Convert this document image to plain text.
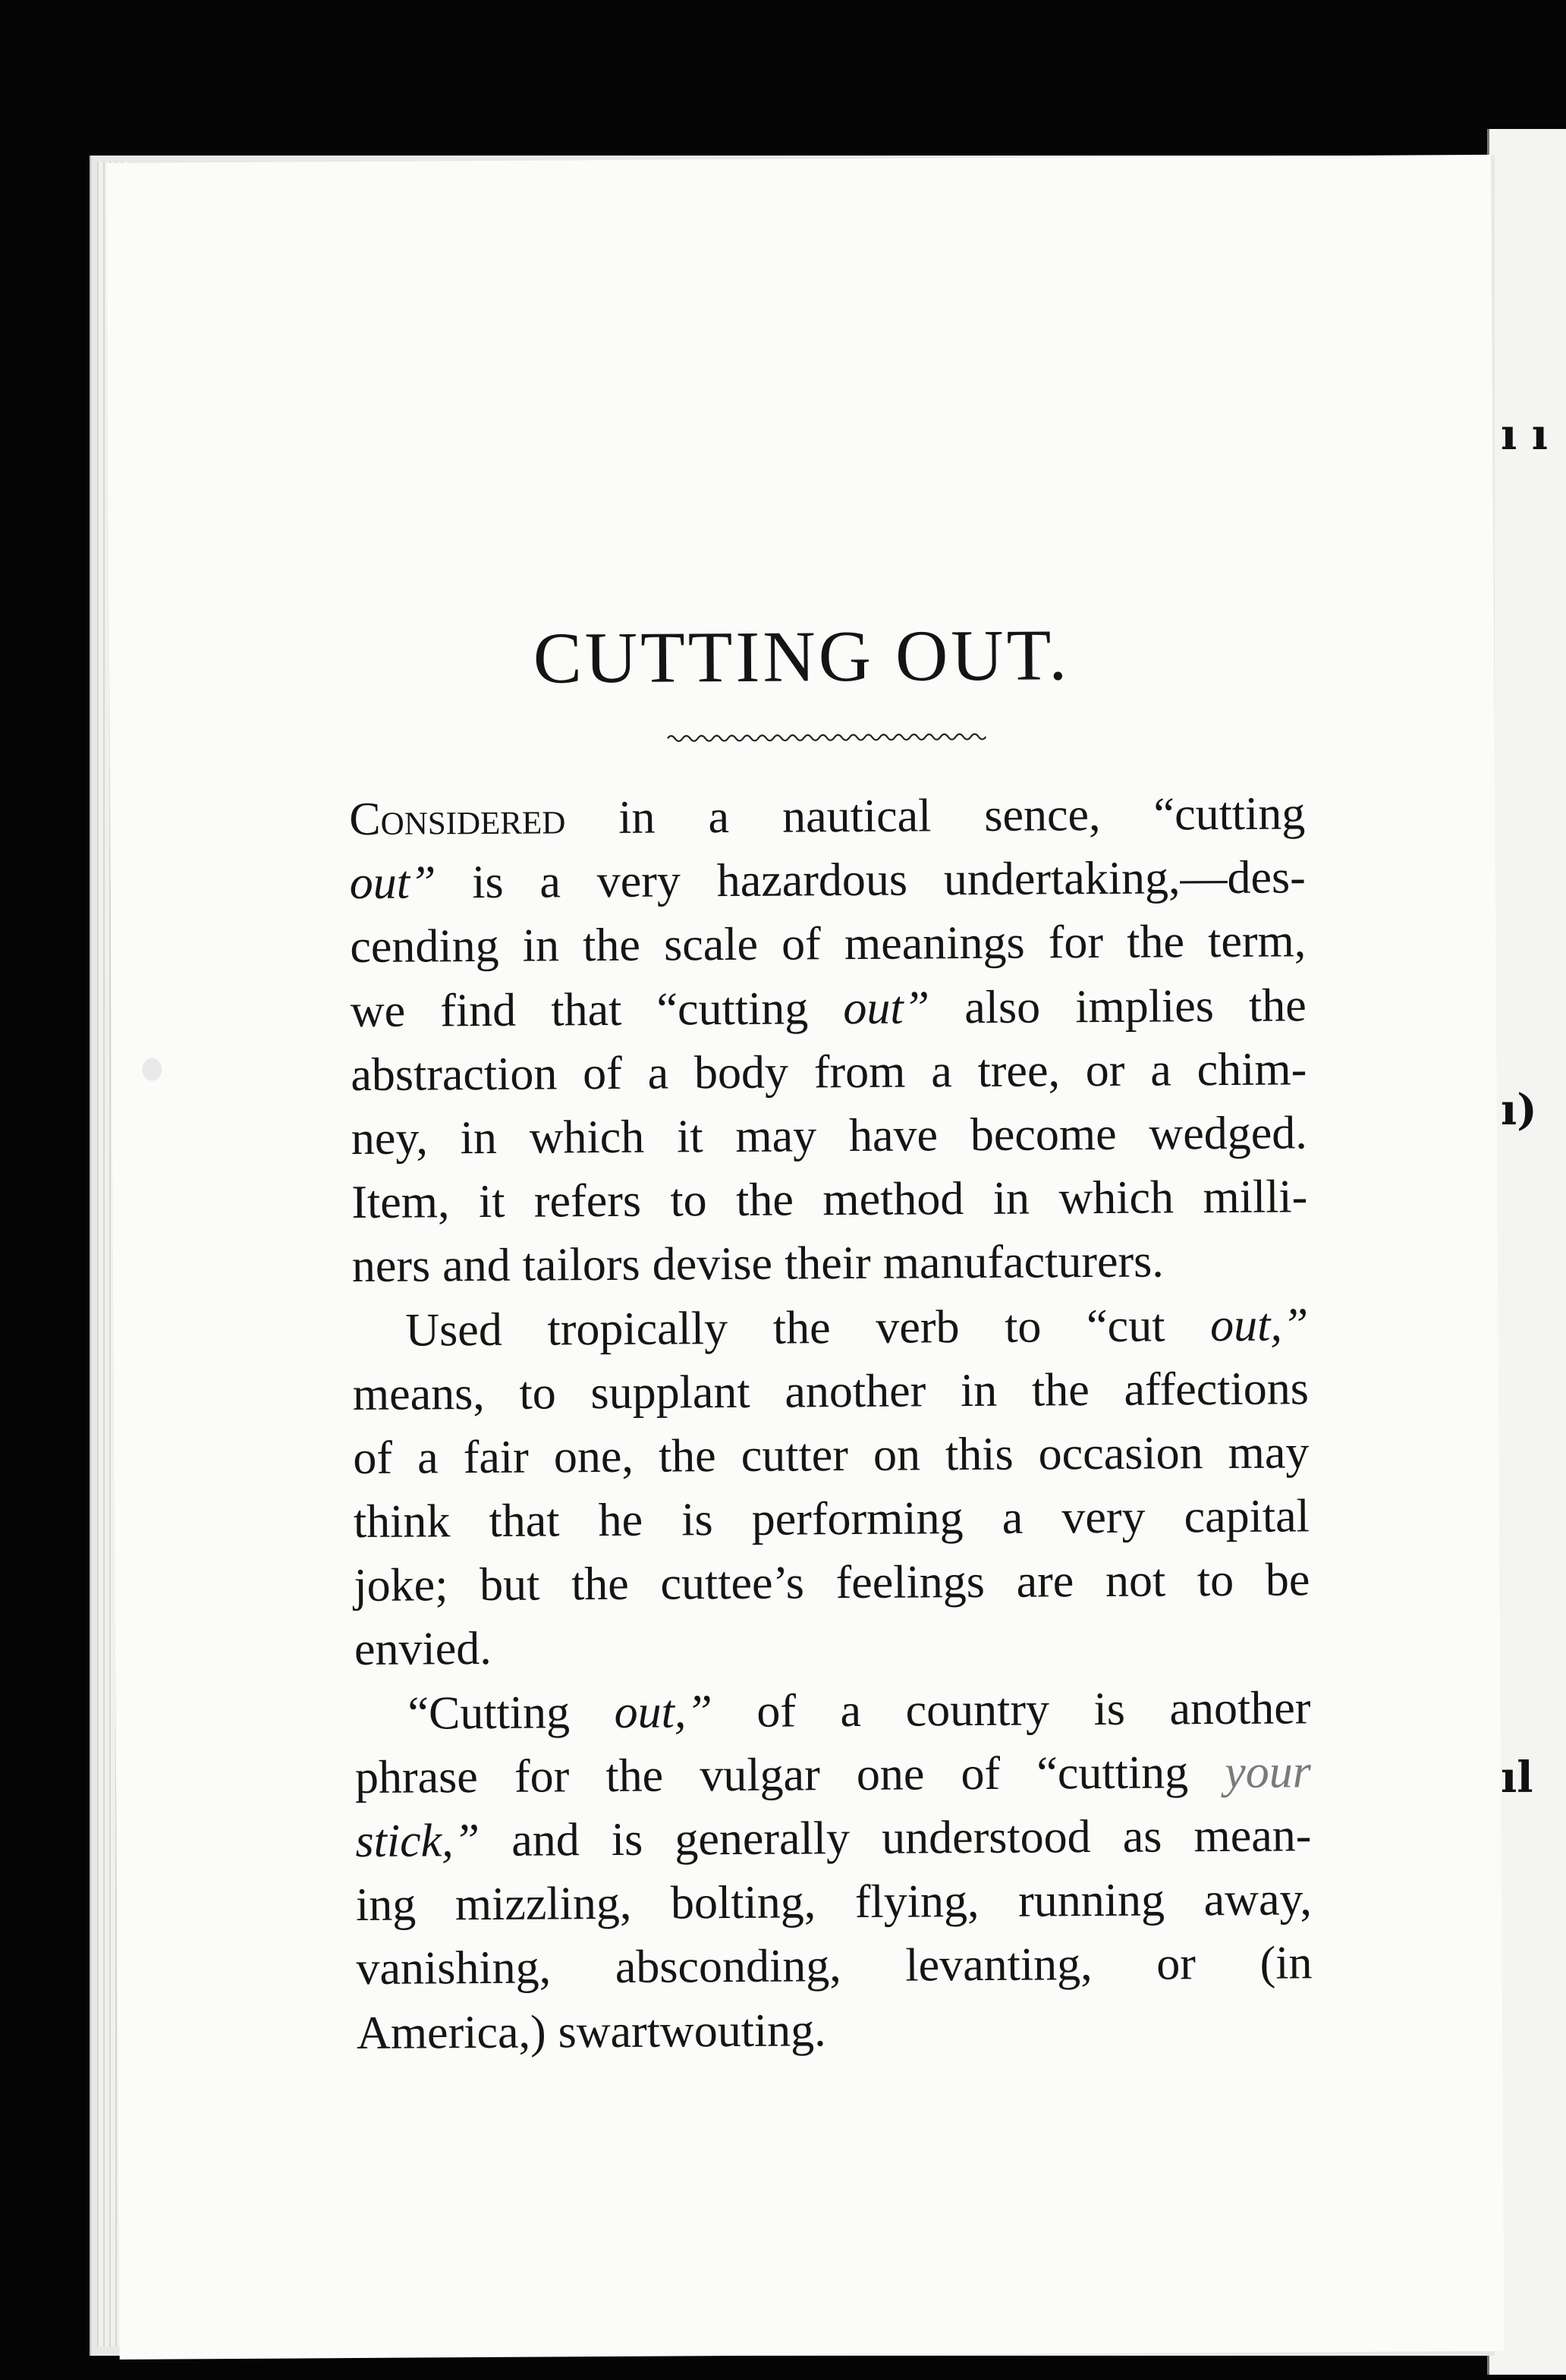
ı ı
ı)
ıl
CUTTING OUT.
Considered in a nautical sence, “cutting
out” is a very hazardous undertaking,—des-
cending in the scale of meanings for the term,
we find that “cutting out” also implies the
abstraction of a body from a tree, or a chim-
ney, in which it may have become wedged.
Item, it refers to the method in which milli-
ners and tailors devise their manufacturers.
Used tropically the verb to “cut out,”
means, to supplant another in the affections
of a fair one, the cutter on this occasion may
think that he is performing a very capital
joke; but the cuttee’s feelings are not to be
envied.
“Cutting out,” of a country is another
phrase for the vulgar one of “cutting your
stick,” and is generally understood as mean-
ing mizzling, bolting, flying, running away,
vanishing, absconding, levanting, or (in
America,) swartwouting.
